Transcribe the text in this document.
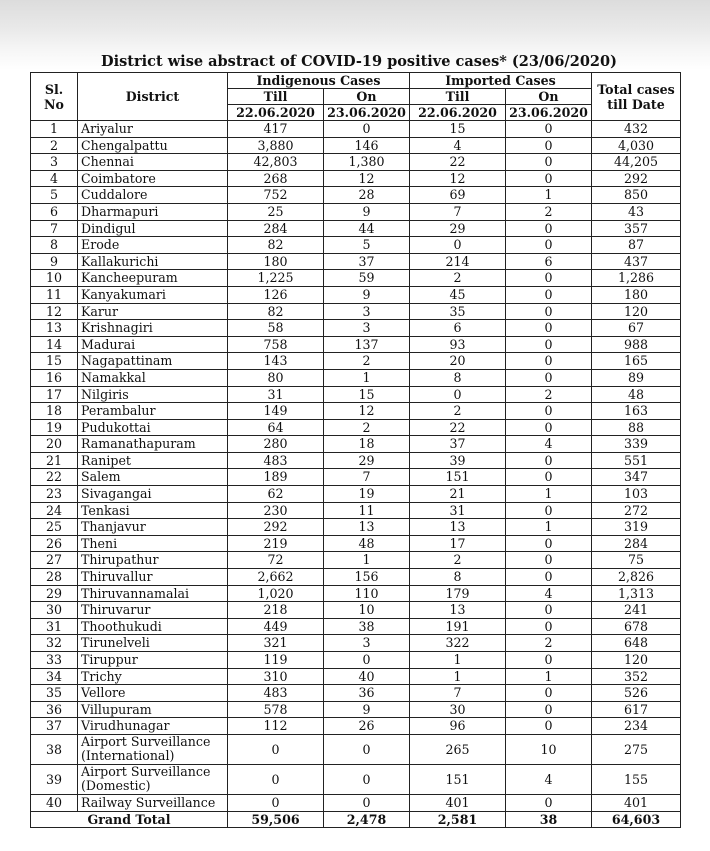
District wise abstract of COVID-19 positive cases* (23/06/2020)
Sl. No	District	Indigenous Cases		Imported Cases		Total cases till Date
		Till	On	Till	On	
		22.06.2020	23.06.2020	22.06.2020	23.06.2020	
1	Ariyalur	417	0	15	0	432
2	Chengalpattu	3,880	146	4	0	4,030
3	Chennai	42,803	1,380	22	0	44,205
4	Coimbatore	268	12	12	0	292
5	Cuddalore	752	28	69	1	850
6	Dharmapuri	25	9	7	2	43
7	Dindigul	284	44	29	0	357
8	Erode	82	5	0	0	87
9	Kallakurichi	180	37	214	6	437
10	Kancheepuram	1,225	59	2	0	1,286
11	Kanyakumari	126	9	45	0	180
12	Karur	82	3	35	0	120
13	Krishnagiri	58	3	6	0	67
14	Madurai	758	137	93	0	988
15	Nagapattinam	143	2	20	0	165
16	Namakkal	80	1	8	0	89
17	Nilgiris	31	15	0	2	48
18	Perambalur	149	12	2	0	163
19	Pudukottai	64	2	22	0	88
20	Ramanathapuram	280	18	37	4	339
21	Ranipet	483	29	39	0	551
22	Salem	189	7	151	0	347
23	Sivagangai	62	19	21	1	103
24	Tenkasi	230	11	31	0	272
25	Thanjavur	292	13	13	1	319
26	Theni	219	48	17	0	284
27	Thirupathur	72	1	2	0	75
28	Thiruvallur	2,662	156	8	0	2,826
29	Thiruvannamalai	1,020	110	179	4	1,313
30	Thiruvarur	218	10	13	0	241
31	Thoothukudi	449	38	191	0	678
32	Tirunelveli	321	3	322	2	648
33	Tiruppur	119	0	1	0	120
34	Trichy	310	40	1	1	352
35	Vellore	483	36	7	0	526
36	Villupuram	578	9	30	0	617
37	Virudhunagar	112	26	96	0	234
38	Airport Surveillance (International)	0	0	265	10	275
39	Airport Surveillance (Domestic)	0	0	151	4	155
40	Railway Surveillance	0	0	401	0	401
Grand Total		59,506	2,478	2,581	38	64,603
